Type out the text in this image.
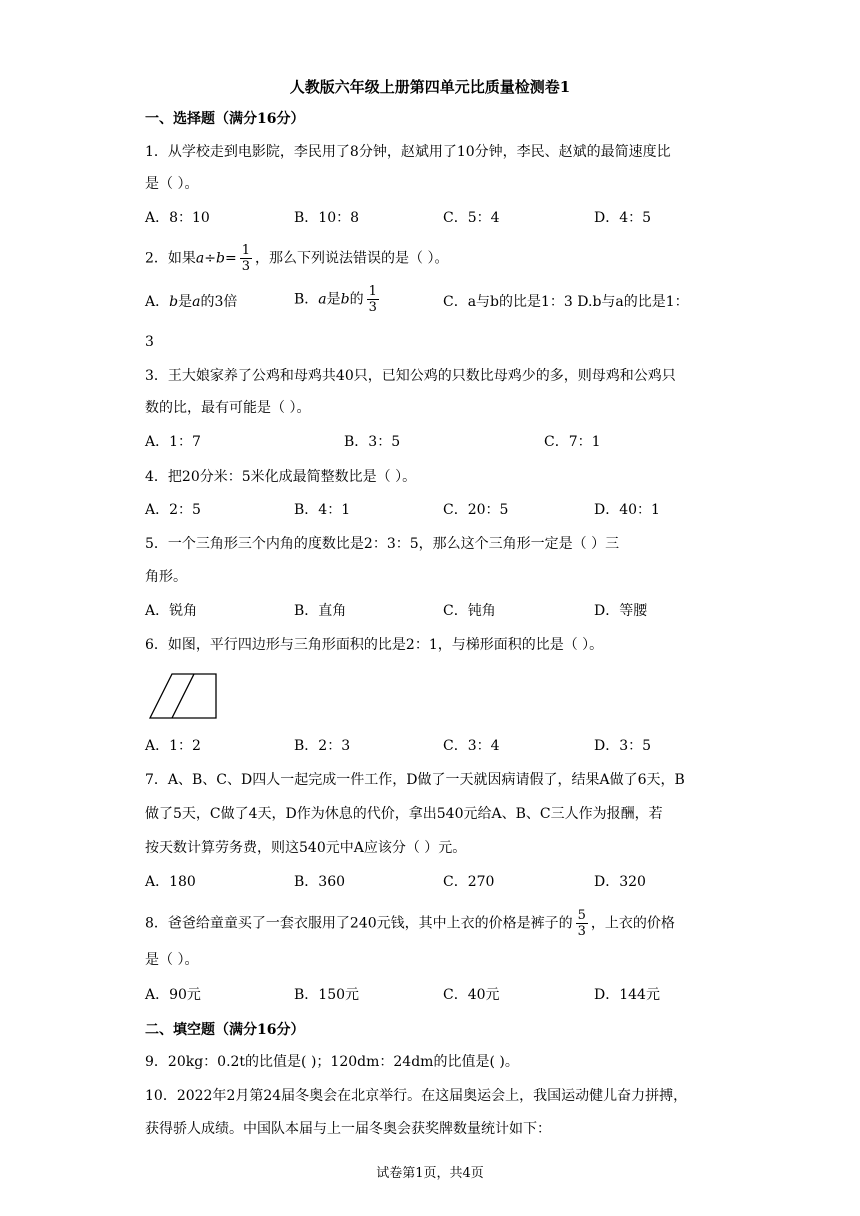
人教版六年级上册第四单元比质量检测卷1
一、选择题（满分16分）
1．从学校走到电影院，李民用了8分钟，赵斌用了10分钟，李民、赵斌的最简速度比
是（ ）。
A．8：10	B．10：8	C．5：4	D．4：5
2．如果$a\div b= \frac{1}{3}$ ，那么下列说法错误的是（ ）。
A．b是a的3倍	B．a是b的 $\frac{1}{3}$	C．a与b的比是1：3 D.b与a的比是1：
3
3．王大娘家养了公鸡和母鸡共40只，已知公鸡的只数比母鸡少的多，则母鸡和公鸡只
数的比，最有可能是（ ）。
A．1：7	B．3：5	C．7：1
4．把20分米：5米化成最简整数比是（ ）。
A．2：5	B．4：1	C．20：5	D．40：1
5．一个三角形三个内角的度数比是2：3：5，那么这个三角形一定是（ ）三
角形。
A．锐角	B．直角	C．钝角	D．等腰
6．如图，平行四边形与三角形面积的比是2：1，与梯形面积的比是（ ）。
A．1：2	B．2：3	C．3：4	D．3：5
7．A、B、C、D四人一起完成一件工作，D做了一天就因病请假了，结果A做了6天，B
做了5天，C做了4天，D作为休息的代价，拿出540元给A、B、C三人作为报酬，若
按天数计算劳务费，则这540元中A应该分（ ）元。
A．180	B．360	C．270	D．320
8．爸爸给童童买了一套衣服用了240元钱，其中上衣的价格是裤子的 $\frac{5}{3}$ ，上衣的价格
是（ ）。
A．90元	B．150元	C．40元	D．144元
二、填空题（满分16分）
9．20kg：0.2t的比值是( )；120dm：24dm的比值是( )。
10．2022年2月第24届冬奥会在北京举行。在这届奥运会上，我国运动健儿奋力拼搏，
获得骄人成绩。中国队本届与上一届冬奥会获奖牌数量统计如下：
试卷第1页，共4页
